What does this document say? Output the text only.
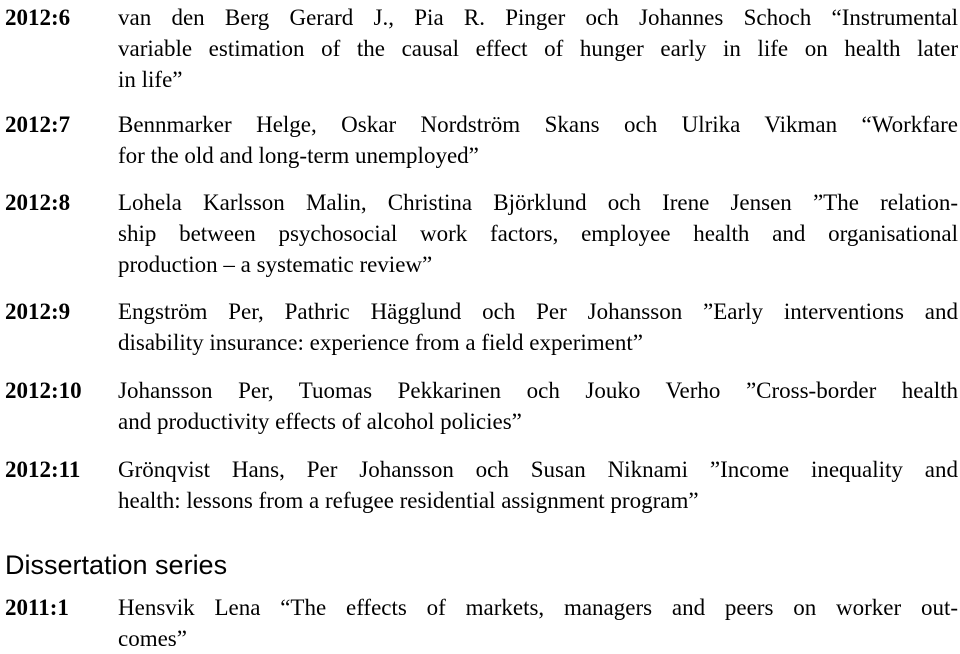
2012:6 van den Berg Gerard J., Pia R. Pinger och Johannes Schoch “Instrumental
variable estimation of the causal effect of hunger early in life on health later
in life”
2012:7 Bennmarker Helge, Oskar Nordström Skans och Ulrika Vikman “Workfare
for the old and long-term unemployed”
2012:8 Lohela Karlsson Malin, Christina Björklund och Irene Jensen ”The relation-
ship between psychosocial work factors, employee health and organisational
production – a systematic review”
2012:9 Engström Per, Pathric Hägglund och Per Johansson ”Early interventions and
disability insurance: experience from a field experiment”
2012:10 Johansson Per, Tuomas Pekkarinen och Jouko Verho ”Cross-border health
and productivity effects of alcohol policies”
2012:11 Grönqvist Hans, Per Johansson och Susan Niknami ”Income inequality and
health: lessons from a refugee residential assignment program”
Dissertation series
2011:1 Hensvik Lena “The effects of markets, managers and peers on worker out-
comes”
